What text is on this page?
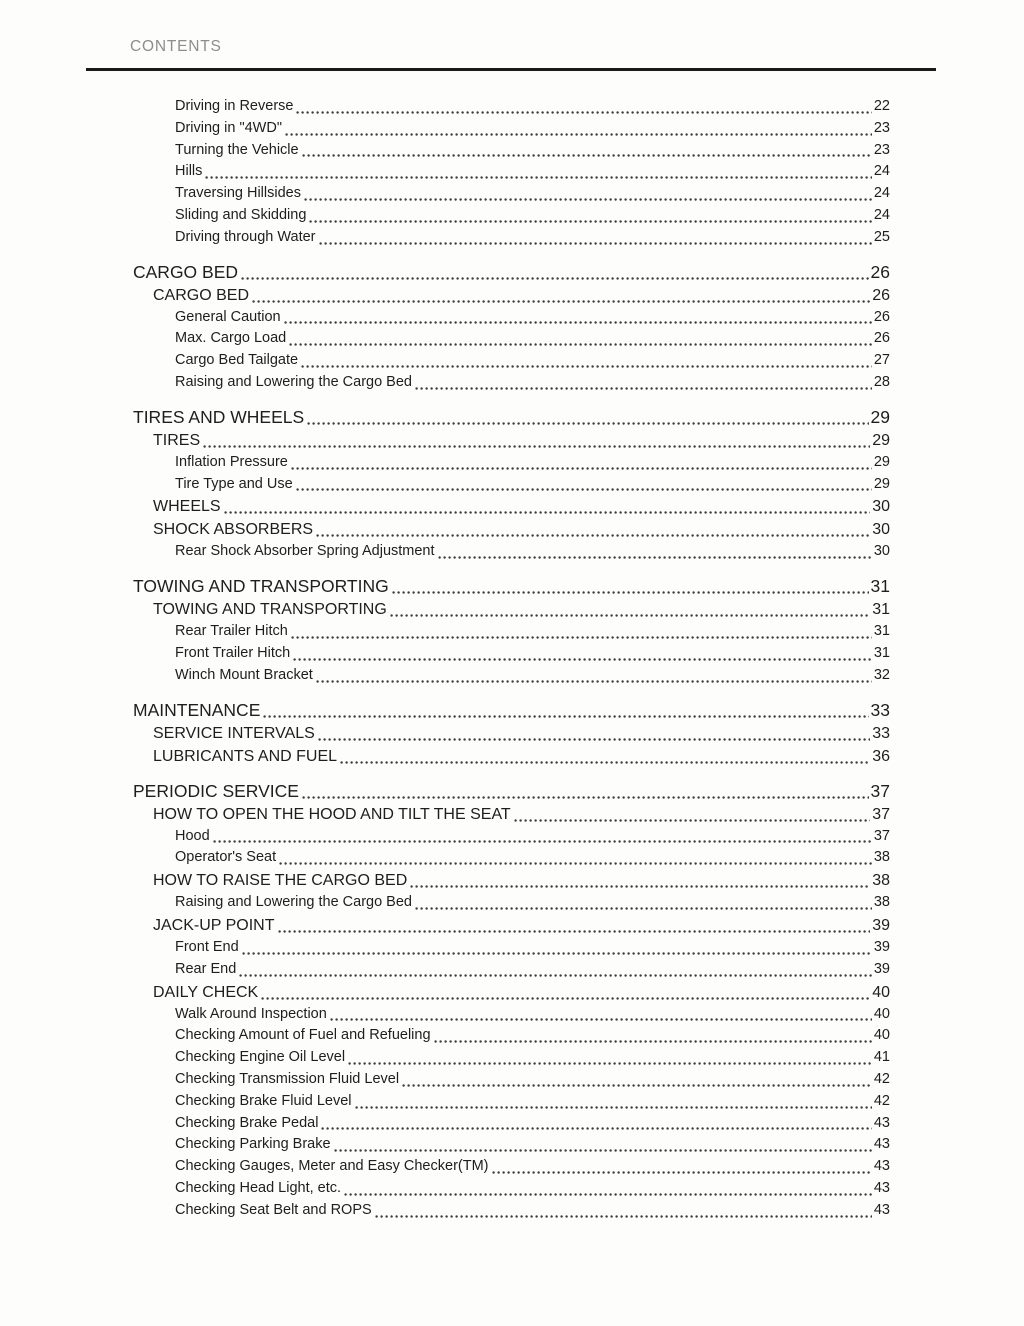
CONTENTS
Driving in Reverse	22
Driving in "4WD"	23
Turning the Vehicle	23
Hills	24
Traversing Hillsides	24
Sliding and Skidding	24
Driving through Water	25
CARGO BED	26
CARGO BED	26
General Caution	26
Max. Cargo Load	26
Cargo Bed Tailgate	27
Raising and Lowering the Cargo Bed	28
TIRES AND WHEELS	29
TIRES	29
Inflation Pressure	29
Tire Type and Use	29
WHEELS	30
SHOCK ABSORBERS	30
Rear Shock Absorber Spring Adjustment	30
TOWING AND TRANSPORTING	31
TOWING AND TRANSPORTING	31
Rear Trailer Hitch	31
Front Trailer Hitch	31
Winch Mount Bracket	32
MAINTENANCE	33
SERVICE INTERVALS	33
LUBRICANTS AND FUEL	36
PERIODIC SERVICE	37
HOW TO OPEN THE HOOD AND TILT THE SEAT	37
Hood	37
Operator's Seat	38
HOW TO RAISE THE CARGO BED	38
Raising and Lowering the Cargo Bed	38
JACK-UP POINT	39
Front End	39
Rear End	39
DAILY CHECK	40
Walk Around Inspection	40
Checking Amount of Fuel and Refueling	40
Checking Engine Oil Level	41
Checking Transmission Fluid Level	42
Checking Brake Fluid Level	42
Checking Brake Pedal	43
Checking Parking Brake	43
Checking Gauges, Meter and Easy Checker(TM)	43
Checking Head Light, etc.	43
Checking Seat Belt and ROPS	43
